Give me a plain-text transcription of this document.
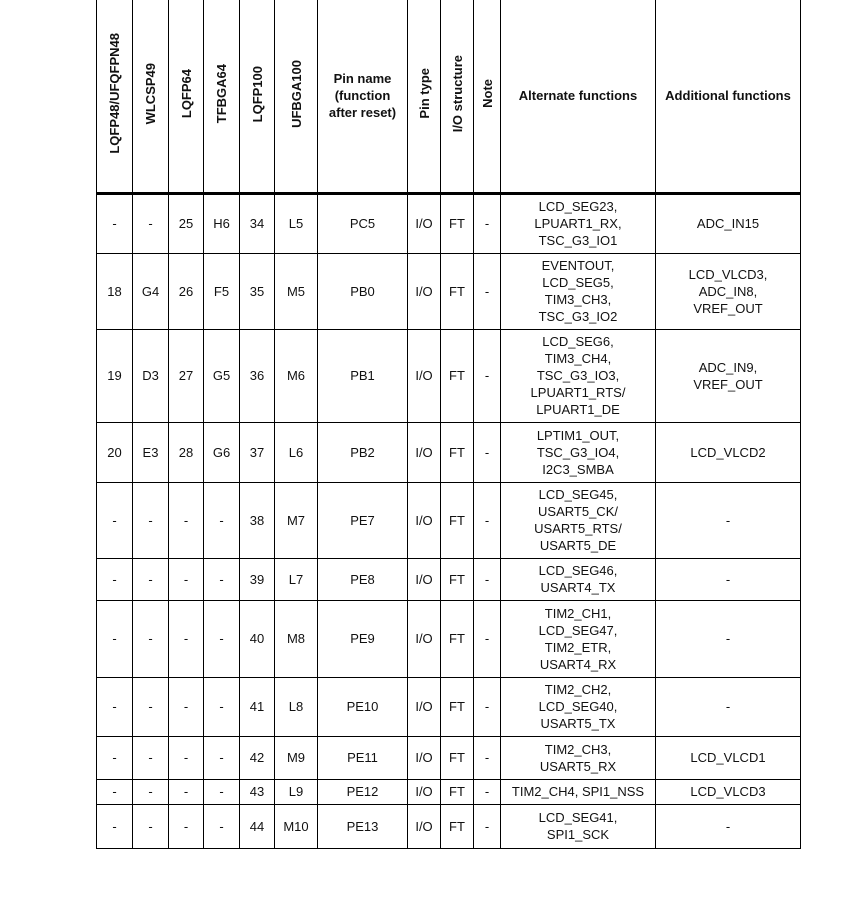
LQFP48/UFQFPN48	WLCSP49	LQFP64	TFBGA64	LQFP100	UFBGA100	Pin name
(function
after reset)	Pin type	I/O structure	Note	Alternate functions	Additional functions
-	-	25	H6	34	L5	PC5	I/O	FT	-	LCD_SEG23,
LPUART1_RX,
TSC_G3_IO1	ADC_IN15
18	G4	26	F5	35	M5	PB0	I/O	FT	-	EVENTOUT,
LCD_SEG5,
TIM3_CH3,
TSC_G3_IO2	LCD_VLCD3,
ADC_IN8,
VREF_OUT
19	D3	27	G5	36	M6	PB1	I/O	FT	-	LCD_SEG6,
TIM3_CH4,
TSC_G3_IO3,
LPUART1_RTS/
LPUART1_DE	ADC_IN9,
VREF_OUT
20	E3	28	G6	37	L6	PB2	I/O	FT	-	LPTIM1_OUT,
TSC_G3_IO4,
I2C3_SMBA	LCD_VLCD2
-	-	-	-	38	M7	PE7	I/O	FT	-	LCD_SEG45,
USART5_CK/
USART5_RTS/
USART5_DE	-
-	-	-	-	39	L7	PE8	I/O	FT	-	LCD_SEG46,
USART4_TX	-
-	-	-	-	40	M8	PE9	I/O	FT	-	TIM2_CH1,
LCD_SEG47,
TIM2_ETR,
USART4_RX	-
-	-	-	-	41	L8	PE10	I/O	FT	-	TIM2_CH2,
LCD_SEG40,
USART5_TX	-
-	-	-	-	42	M9	PE11	I/O	FT	-	TIM2_CH3,
USART5_RX	LCD_VLCD1
-	-	-	-	43	L9	PE12	I/O	FT	-	TIM2_CH4, SPI1_NSS	LCD_VLCD3
-	-	-	-	44	M10	PE13	I/O	FT	-	LCD_SEG41,
SPI1_SCK	-
